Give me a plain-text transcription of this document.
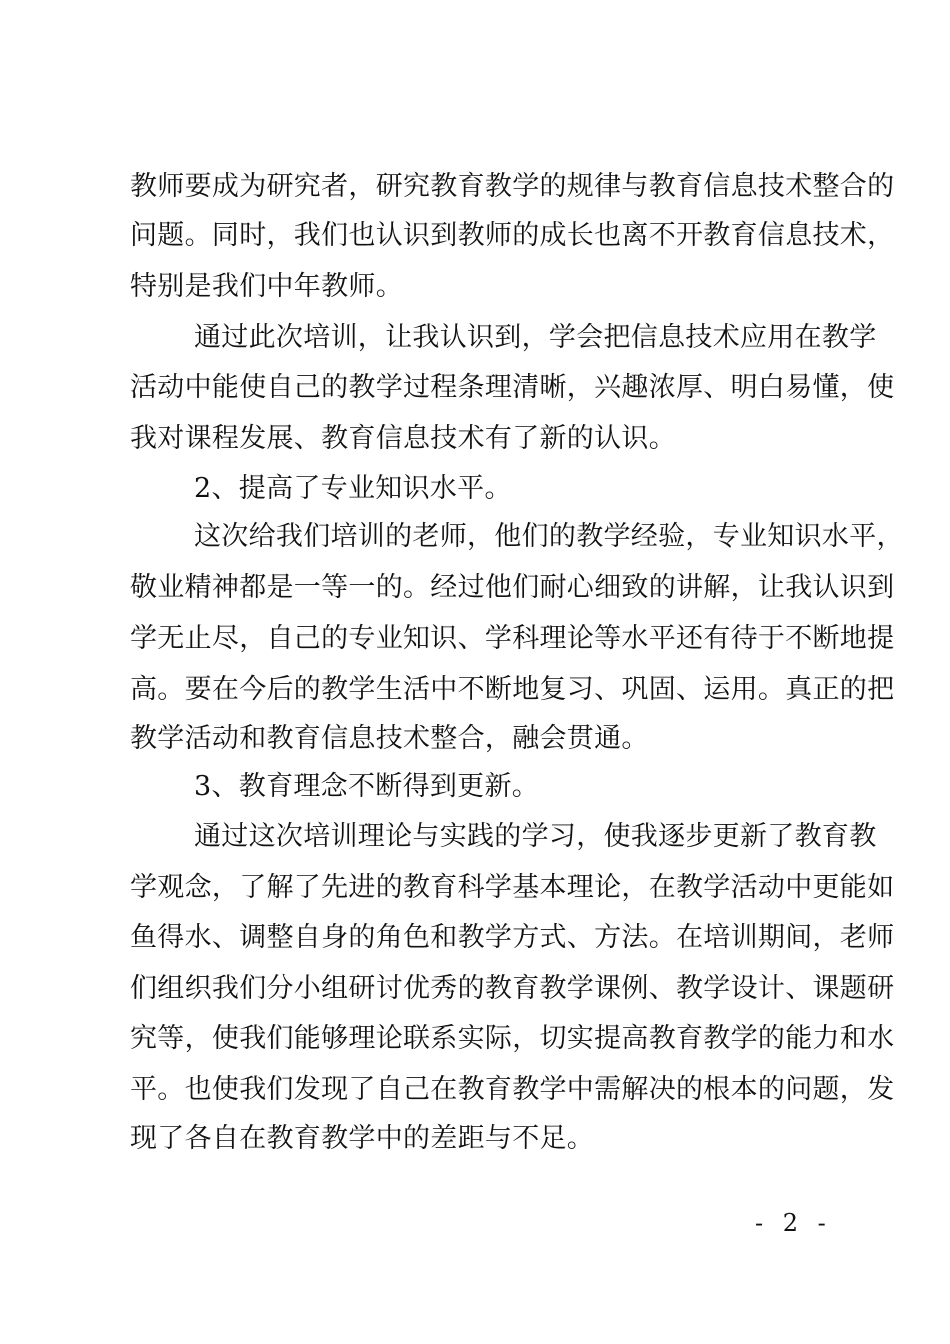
教师要成为研究者，研究教育教学的规律与教育信息技术整合的
问题。同时，我们也认识到教师的成长也离不开教育信息技术，
特别是我们中年教师。
通过此次培训，让我认识到，学会把信息技术应用在教学
活动中能使自己的教学过程条理清晰，兴趣浓厚、明白易懂，使
我对课程发展、教育信息技术有了新的认识。
2、提高了专业知识水平。
这次给我们培训的老师，他们的教学经验，专业知识水平，
敬业精神都是一等一的。经过他们耐心细致的讲解，让我认识到
学无止尽，自己的专业知识、学科理论等水平还有待于不断地提
高。要在今后的教学生活中不断地复习、巩固、运用。真正的把
教学活动和教育信息技术整合，融会贯通。
3、教育理念不断得到更新。
通过这次培训理论与实践的学习，使我逐步更新了教育教
学观念，了解了先进的教育科学基本理论，在教学活动中更能如
鱼得水、调整自身的角色和教学方式、方法。在培训期间，老师
们组织我们分小组研讨优秀的教育教学课例、教学设计、课题研
究等，使我们能够理论联系实际，切实提高教育教学的能力和水
平。也使我们发现了自己在教育教学中需解决的根本的问题，发
现了各自在教育教学中的差距与不足。
- 2 -
